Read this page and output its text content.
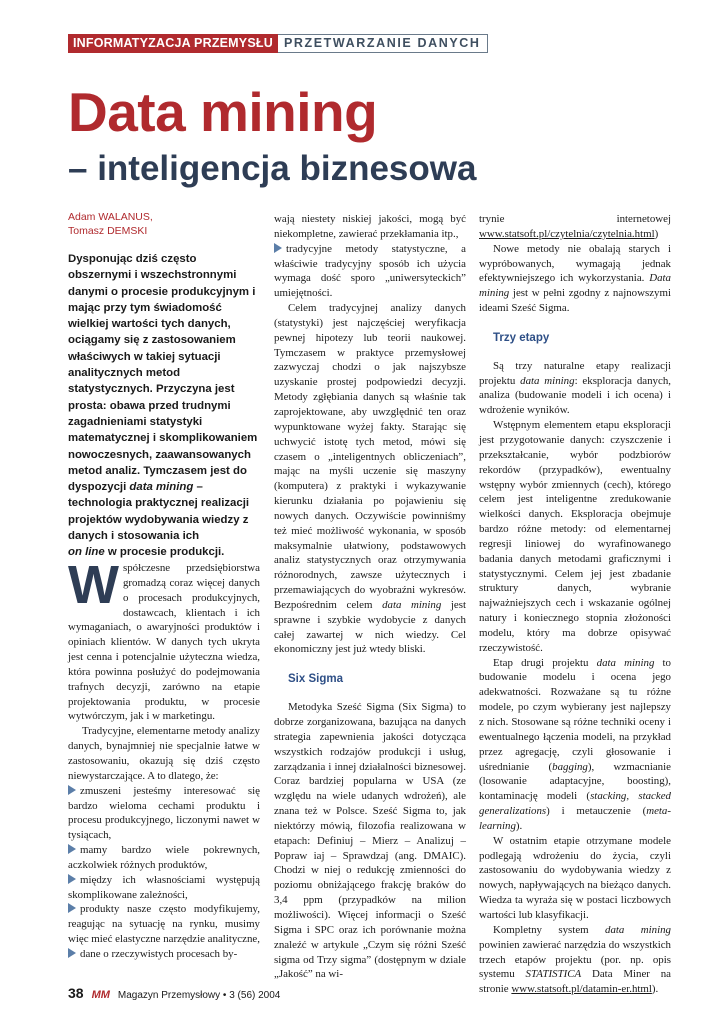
INFORMATYZACJA PRZEMYSŁU PRZETWARZANIE DANYCH
Data mining
– inteligencja biznesowa
Adam WALANUS,
Tomasz DEMSKI
Dysponując dziś często obszernymi i wszechstronnymi danymi o procesie produkcyjnym i mając przy tym świadomość wielkiej wartości tych danych, ociągamy się z zastosowaniem właściwych w takiej sytuacji analitycznych metod statystycznych. Przyczyna jest prosta: obawa przed trudnymi zagadnieniami statystyki matematycznej i skomplikowaniem nowoczesnych, zaawansowanych metod analiz. Tymczasem jest do dyspozycji data mining – technologia praktycznej realizacji projektów wydobywania wiedzy z danych i stosowania ich
on line w procesie produkcji.

Współczesne przedsiębiorstwa gromadzą coraz więcej danych o procesach produkcyjnych, dostawcach, klientach i ich wymaganiach, o awaryjności produktów i opiniach klientów. W danych tych ukryta jest cenna i potencjalnie użyteczna wiedza, która powinna posłużyć do podejmowania trafnych decyzji, zarówno na etapie projektowania produktu, w procesie wytwórczym, jak i w marketingu.

Tradycyjne, elementarne metody analizy danych, bynajmniej nie specjalnie łatwe w zastosowaniu, okazują się dziś często niewystarczające. A to dlatego, że:

zmuszeni jesteśmy interesować się bardzo wieloma cechami produktu i procesu produkcyjnego, liczonymi nawet w tysiącach,
mamy bardzo wiele pokrewnych, aczkolwiek różnych produktów,
między ich własnościami występują skomplikowane zależności,
produkty nasze często modyfikujemy, reagując na sytuację na rynku, musimy więc mieć elastyczne narzędzie analityczne,
dane o rzeczywistych procesach by-

wają niestety niskiej jakości, mogą być niekompletne, zawierać przekłamania itp.,

tradycyjne metody statystyczne, a właściwie tradycyjny sposób ich użycia wymaga dość sporo „uniwersyteckich” umiejętności.

Celem tradycyjnej analizy danych (statystyki) jest najczęściej weryfikacja pewnej hipotezy lub teorii naukowej. Tymczasem w praktyce przemysłowej zazwyczaj chodzi o jak najszybsze uzyskanie prostej podpowiedzi decyzji. Metody zgłębiania danych są właśnie tak zaprojektowane, aby uwzględnić ten oraz wypunktowane wyżej fakty. Starając się uchwycić istotę tych metod, mówi się czasem o „inteligentnych obliczeniach”, mając na myśli uczenie się maszyny (komputera) z praktyki i wykazywanie kierunku działania po pojawieniu się nowych danych. Oczywiście powinniśmy też mieć możliwość wykonania, w sposób maksymalnie ułatwiony, podstawowych analiz statystycznych oraz otrzymywania różnorodnych, zawsze użytecznych i przemawiających do wyobraźni wykresów. Bezpośrednim celem data mining jest sprawne i szybkie wydobycie z danych całej zawartej w nich wiedzy. Cel ekonomiczny jest już wtedy bliski.

Six Sigma

Metodyka Sześć Sigma (Six Sigma) to dobrze zorganizowana, bazująca na danych strategia zapewnienia jakości dotycząca wszystkich rodzajów produkcji i usług, zarządzania i innej działalności biznesowej. Coraz bardziej popularna w USA (ze względu na wiele udanych wdrożeń), ale znana też w Polsce. Sześć Sigma to, jak niektórzy mówią, filozofia realizowana w etapach: Definiuj – Mierz – Analizuj – Popraw iaj – Sprawdzaj (ang. DMAIC). Chodzi w niej o redukcję zmienności do poziomu obniżającego frakcję braków do 3,4 ppm (przypadków na milion możliwości). Więcej informacji o Sześć Sigma i SPC oraz ich porównanie można znaleźć w artykule „Czym się różni Sześć sigma od Trzy sigma” (dostępnym w dziale „Jakość” na wi-

trynie internetowej www.statsoft.pl/czytelnia/czytelnia.html)

Nowe metody nie obalają starych i wypróbowanych, wymagają jednak efektywniejszego ich wykorzystania. Data mining jest w pełni zgodny z najnowszymi ideami Sześć Sigma.

Trzy etapy

Są trzy naturalne etapy realizacji projektu data mining: eksploracja danych, analiza (budowanie modeli i ich ocena) i wdrożenie wyników.

Wstępnym elementem etapu eksploracji jest przygotowanie danych: czyszczenie i przekształcanie, wybór podzbiorów rekordów (przypadków), ewentualny wstępny wybór zmiennych (cech), którego celem jest inteligentne zredukowanie wielkości danych. Eksploracja obejmuje bardzo różne metody: od elementarnej regresji liniowej do wyrafinowanego badania danych metodami graficznymi i statystycznymi. Celem jej jest zbadanie struktury danych, wybranie najważniejszych cech i wskazanie ogólnej natury i koniecznego stopnia złożoności modelu, który ma dobrze opisywać rzeczywistość.

Etap drugi projektu data mining to budowanie modelu i ocena jego adekwatności. Rozważane są tu różne modele, po czym wybierany jest najlepszy z nich. Stosowane są różne techniki oceny i ewentualnego łączenia modeli, na przykład przez agregację, czyli głosowanie i uśrednianie (bagging), wzmacnianie (losowanie adaptacyjne, boosting), kontaminację modeli (stacking, stacked generalizations) i metauczenie (meta-learning).

W ostatnim etapie otrzymane modele podlegają wdrożeniu do życia, czyli zastosowaniu do wydobywania wiedzy z nowych, napływających na bieżąco danych. Wiedza ta wyraża się w postaci liczbowych wartości lub klasyfikacji.

Kompletny system data mining powinien zawierać narzędzia do wszystkich trzech etapów projektu (por. np. opis systemu STATISTICA Data Miner na stronie www.statsoft.pl/datamin-er.html).

38 MM Magazyn Przemysłowy • 3 (56) 2004
